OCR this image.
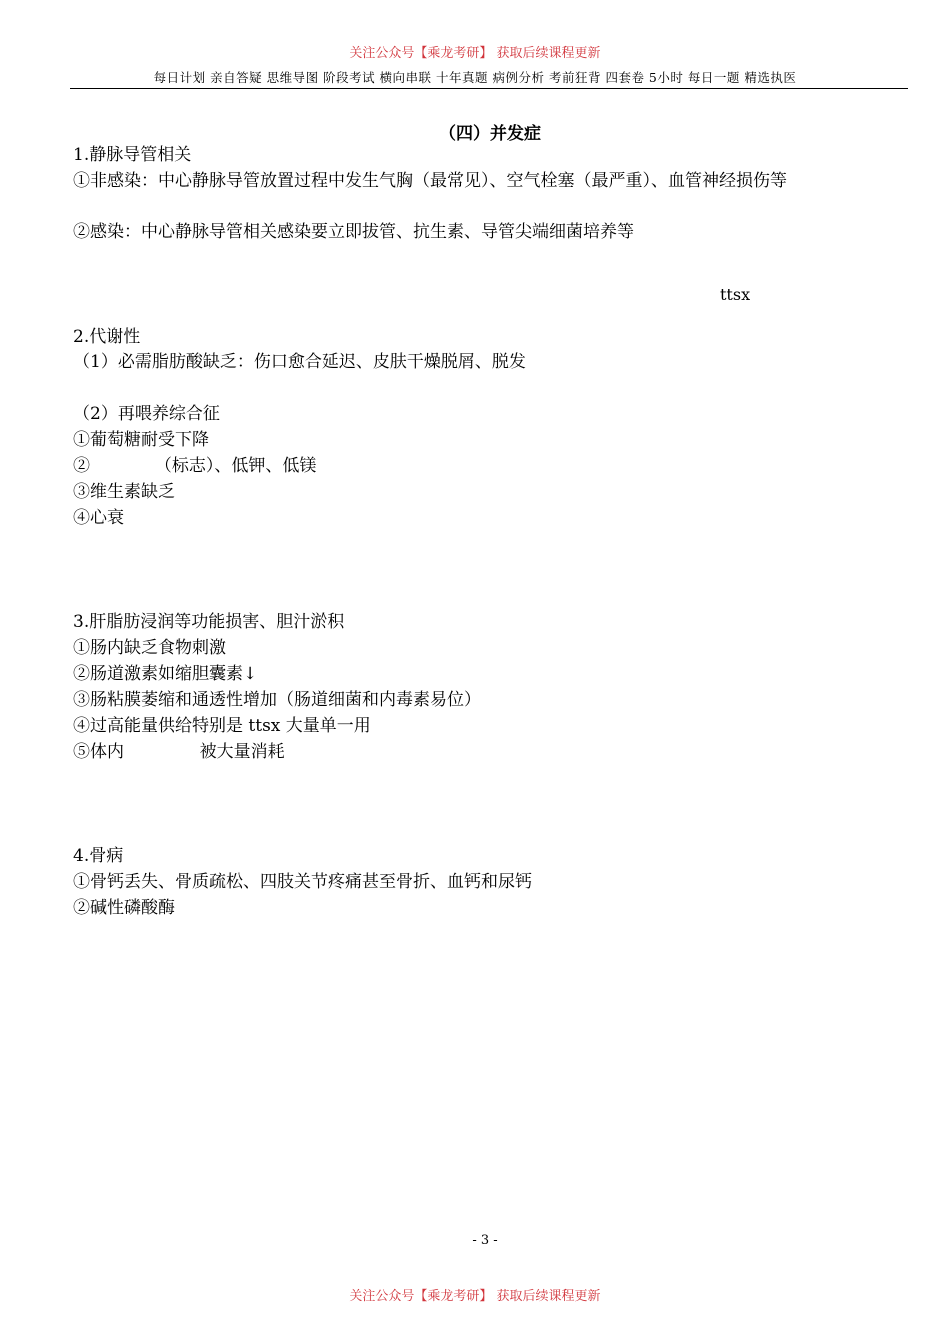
关注公众号【乘龙考研】 获取后续课程更新
每日计划 亲自答疑 思维导图 阶段考试 横向串联 十年真题 病例分析 考前狂背 四套卷 5小时 每日一题 精选执医
（四）并发症
1.静脉导管相关
①非感染：中心静脉导管放置过程中发生气胸（最常见）、空气栓塞（最严重）、血管神经损伤等
②感染：中心静脉导管相关感染要立即拔管、抗生素、导管尖端细菌培养等
ttsx
2.代谢性
（1）必需脂肪酸缺乏：伤口愈合延迟、皮肤干燥脱屑、脱发
（2）再喂养综合征
①葡萄糖耐受下降
②            （标志）、低钾、低镁
③维生素缺乏
④心衰
3.肝脂肪浸润等功能损害、胆汁淤积
①肠内缺乏食物刺激
②肠道激素如缩胆囊素↓
③肠粘膜萎缩和通透性增加（肠道细菌和内毒素易位）
④过高能量供给特别是 ttsx 大量单一用
⑤体内              被大量消耗
4.骨病
①骨钙丢失、骨质疏松、四肢关节疼痛甚至骨折、血钙和尿钙
②碱性磷酸酶
- 3 -
关注公众号【乘龙考研】 获取后续课程更新
